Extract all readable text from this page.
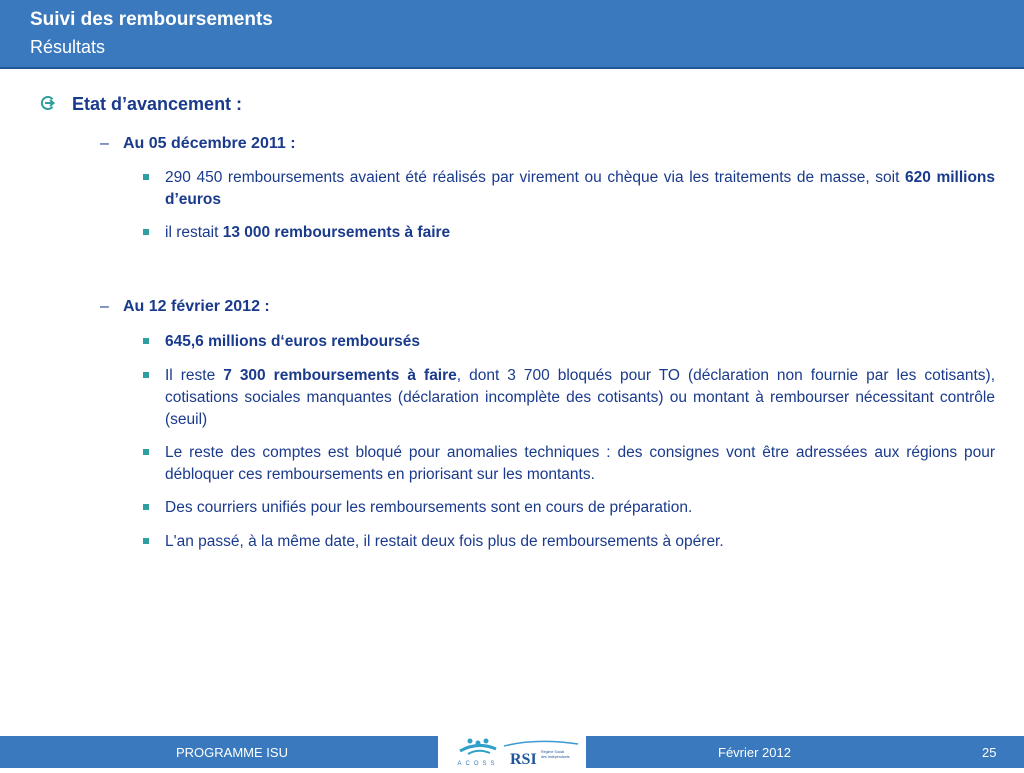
Suivi des remboursements
Résultats
Etat d’avancement :
– Au 05 décembre 2011 :
290 450 remboursements avaient été réalisés par virement ou chèque via les traitements de masse, soit 620 millions d’euros
il restait 13 000 remboursements à faire
– Au 12 février 2012 :
645,6 millions d‘euros remboursés
Il reste 7 300 remboursements à faire, dont 3 700 bloqués pour TO (déclaration non fournie par les cotisants), cotisations sociales manquantes (déclaration incomplète des cotisants) ou montant à rembourser nécessitant contrôle (seuil)
Le reste des comptes est bloqué pour anomalies techniques : des consignes vont être adressées aux régions pour débloquer ces remboursements en priorisant sur les montants.
Des courriers unifiés pour les remboursements sont en cours de préparation.
L'an passé, à la même date, il restait deux fois plus de remboursements à opérer.
PROGRAMME ISU
ACOSS RSI Régime Social
des Indépendants	Février 2012	25
